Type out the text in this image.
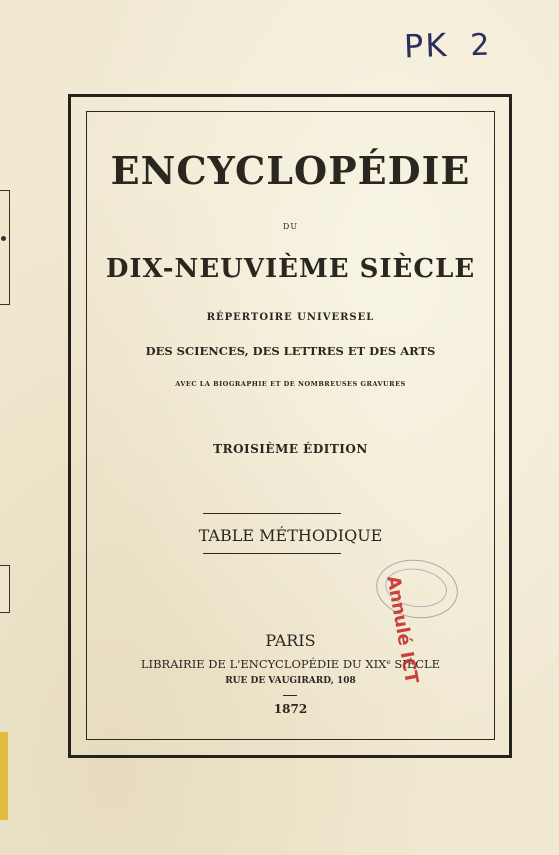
PK 2
ENCYCLOPÉDIE
DU
DIX-NEUVIÈME SIÈCLE
RÉPERTOIRE UNIVERSEL
DES SCIENCES, DES LETTRES ET DES ARTS
AVEC LA BIOGRAPHIE ET DE NOMBREUSES GRAVURES
TROISIÈME ÉDITION
TABLE MÉTHODIQUE
PARIS
LIBRAIRIE DE L'ENCYCLOPÉDIE DU XIXᵉ SIÈCLE
RUE DE VAUGIRARD, 108
1872
